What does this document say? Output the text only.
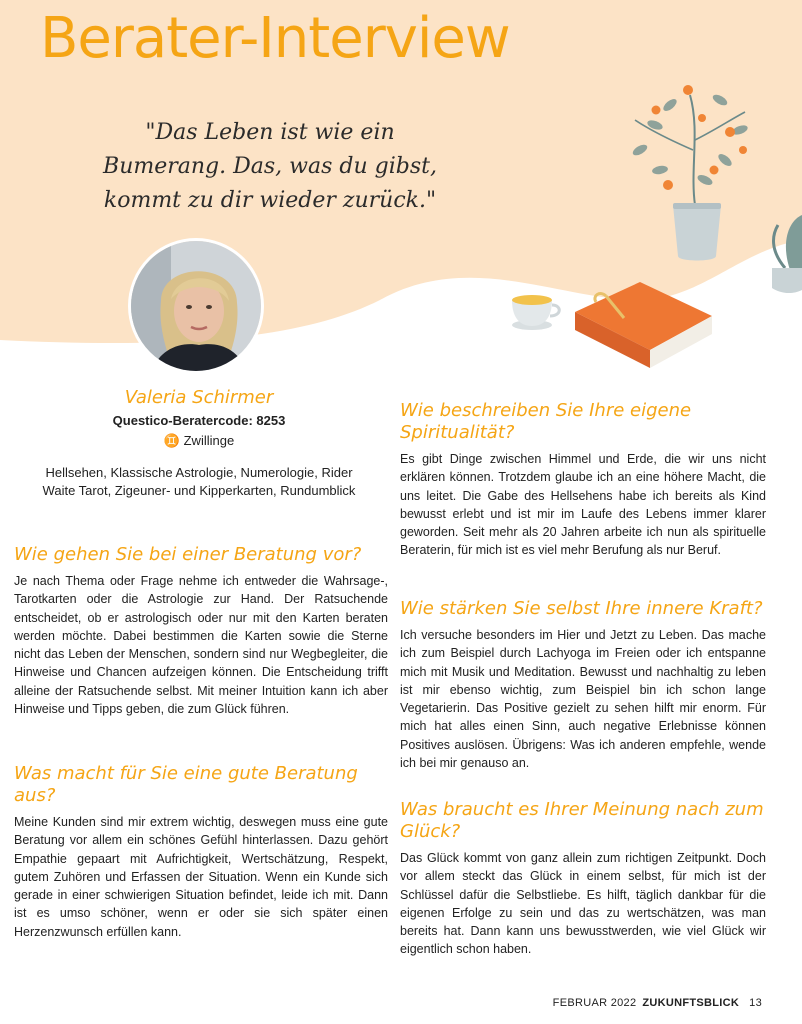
Berater-Interview
"Das Leben ist wie ein Bumerang. Das, was du gibst, kommt zu dir wieder zurück."
Valeria Schirmer
Questico-Beratercode: 8253
♊ Zwillinge
Hellsehen, Klassische Astrologie, Numerologie, Rider Waite Tarot, Zigeuner- und Kipperkarten, Rundumblick
Wie gehen Sie bei einer Beratung vor?

Je nach Thema oder Frage nehme ich entweder die Wahrsage-, Tarotkarten oder die Astrologie zur Hand. Der Ratsuchende entscheidet, ob er astrologisch oder nur mit den Karten beraten werden möchte. Dabei bestimmen die Karten sowie die Sterne nicht das Leben der Menschen, sondern sind nur Wegbegleiter, die Hinweise und Chancen aufzeigen können. Die Entscheidung trifft alleine der Ratsuchende selbst. Mit meiner Intuition kann ich aber Hinweise und Tipps geben, die zum Glück führen.

Was macht für Sie eine gute Beratung aus?

Meine Kunden sind mir extrem wichtig, deswegen muss eine gute Beratung vor allem ein schönes Gefühl hinterlassen. Dazu gehört Empathie gepaart mit Aufrichtigkeit, Wertschätzung, Respekt, gutem Zuhören und Erfassen der Situation. Wenn ein Kunde sich gerade in einer schwierigen Situation befindet, leide ich mit. Dann ist es umso schöner, wenn er oder sie sich später einen Herzenzwunsch erfüllen kann.

Wie beschreiben Sie Ihre eigene Spiritualität?

Es gibt Dinge zwischen Himmel und Erde, die wir uns nicht erklären können. Trotzdem glaube ich an eine höhere Macht, die uns leitet. Die Gabe des Hellsehens habe ich bereits als Kind bewusst erlebt und ist mir im Laufe des Lebens immer klarer geworden. Seit mehr als 20 Jahren arbeite ich nun als spirituelle Beraterin, für mich ist es viel mehr Berufung als nur Beruf.

Wie stärken Sie selbst Ihre innere Kraft?

Ich versuche besonders im Hier und Jetzt zu Leben. Das mache ich zum Beispiel durch Lachyoga im Freien oder ich entspanne mich mit Musik und Meditation. Bewusst und nachhaltig zu leben ist mir ebenso wichtig, zum Beispiel bin ich schon lange Vegetarierin. Das Positive gezielt zu sehen hilft mir enorm. Für mich hat alles einen Sinn, auch negative Erlebnisse können Positives auslösen. Übrigens: Was ich anderen empfehle, wende ich bei mir genauso an.

Was braucht es Ihrer Meinung nach zum Glück?

Das Glück kommt von ganz allein zum richtigen Zeitpunkt. Doch vor allem steckt das Glück in einem selbst, für mich ist der Schlüssel dafür die Selbstliebe. Es hilft, täglich dankbar für die eigenen Erfolge zu sein und das zu wertschätzen, was man bereits hat. Dann kann uns bewusstwerden, wie viel Glück wir eigentlich schon haben.

FEBRUAR 2022 ZUKUNFTSBLICK 13
